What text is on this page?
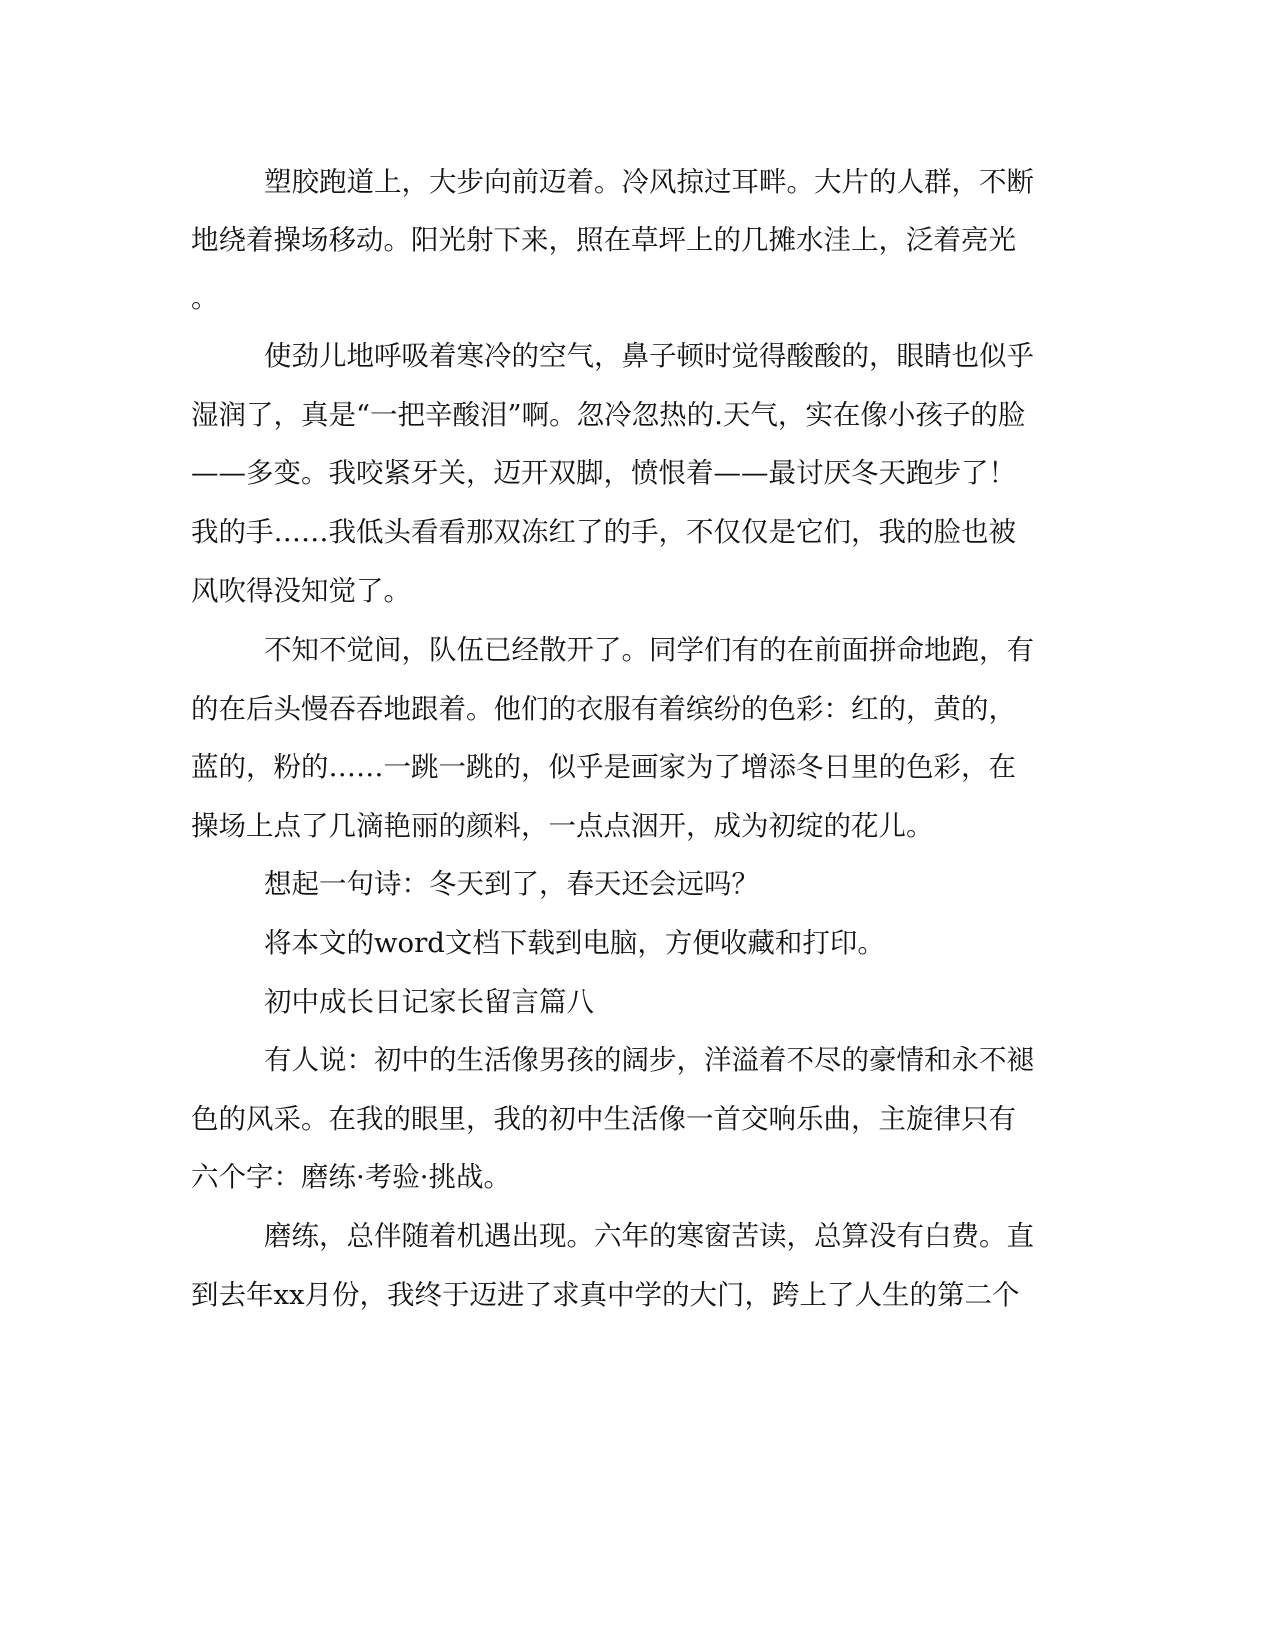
塑胶跑道上，大步向前迈着。冷风掠过耳畔。大片的人群，不断
地绕着操场移动。阳光射下来，照在草坪上的几摊水洼上，泛着亮光
。
使劲儿地呼吸着寒冷的空气，鼻子顿时觉得酸酸的，眼睛也似乎
湿润了，真是“一把辛酸泪”啊。忽冷忽热的.天气，实在像小孩子的脸
——多变。我咬紧牙关，迈开双脚，愤恨着——最讨厌冬天跑步了！
我的手……我低头看看那双冻红了的手，不仅仅是它们，我的脸也被
风吹得没知觉了。
不知不觉间，队伍已经散开了。同学们有的在前面拼命地跑，有
的在后头慢吞吞地跟着。他们的衣服有着缤纷的色彩：红的，黄的，
蓝的，粉的……一跳一跳的，似乎是画家为了增添冬日里的色彩，在
操场上点了几滴艳丽的颜料，一点点洇开，成为初绽的花儿。
想起一句诗：冬天到了，春天还会远吗？
将本文的word文档下载到电脑，方便收藏和打印。
初中成长日记家长留言篇八
有人说：初中的生活像男孩的阔步，洋溢着不尽的豪情和永不褪
色的风采。在我的眼里，我的初中生活像一首交响乐曲，主旋律只有
六个字：磨练·考验·挑战。
磨练，总伴随着机遇出现。六年的寒窗苦读，总算没有白费。直
到去年xx月份，我终于迈进了求真中学的大门，跨上了人生的第二个
